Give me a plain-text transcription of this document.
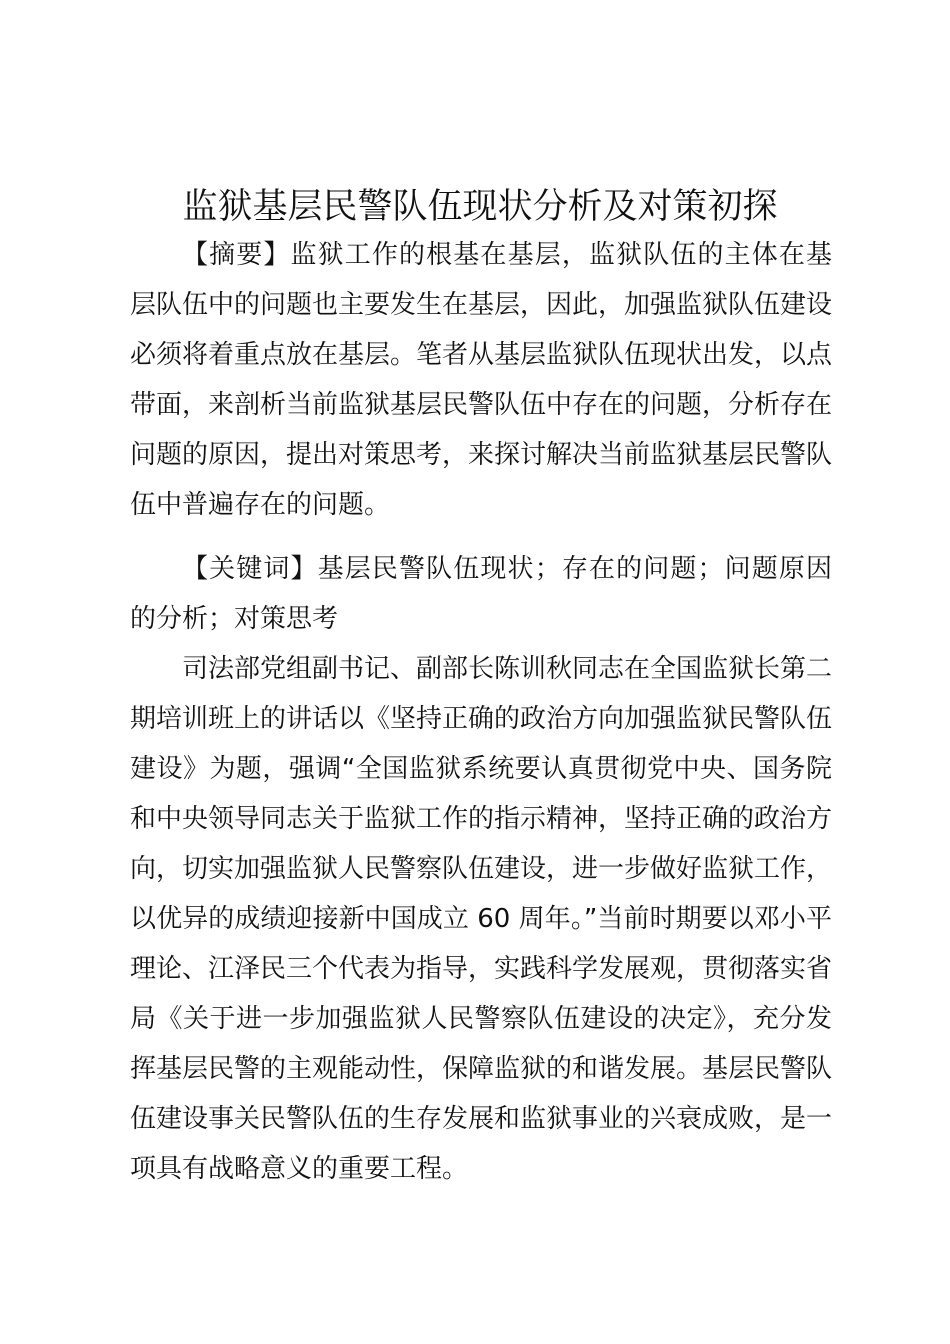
监狱基层民警队伍现状分析及对策初探

【摘要】监狱工作的根基在基层，监狱队伍的主体在基层队伍中的问题也主要发生在基层，因此，加强监狱队伍建设必须将着重点放在基层。笔者从基层监狱队伍现状出发，以点带面，来剖析当前监狱基层民警队伍中存在的问题，分析存在问题的原因，提出对策思考，来探讨解决当前监狱基层民警队伍中普遍存在的问题。

【关键词】基层民警队伍现状；存在的问题；问题原因的分析；对策思考

司法部党组副书记、副部长陈训秋同志在全国监狱长第二期培训班上的讲话以《坚持正确的政治方向加强监狱民警队伍建设》为题，强调“全国监狱系统要认真贯彻党中央、国务院和中央领导同志关于监狱工作的指示精神，坚持正确的政治方向，切实加强监狱人民警察队伍建设，进一步做好监狱工作，以优异的成绩迎接新中国成立 60 周年。”当前时期要以邓小平理论、江泽民三个代表为指导，实践科学发展观，贯彻落实省局《关于进一步加强监狱人民警察队伍建设的决定》，充分发挥基层民警的主观能动性，保障监狱的和谐发展。基层民警队伍建设事关民警队伍的生存发展和监狱事业的兴衰成败，是一项具有战略意义的重要工程。
